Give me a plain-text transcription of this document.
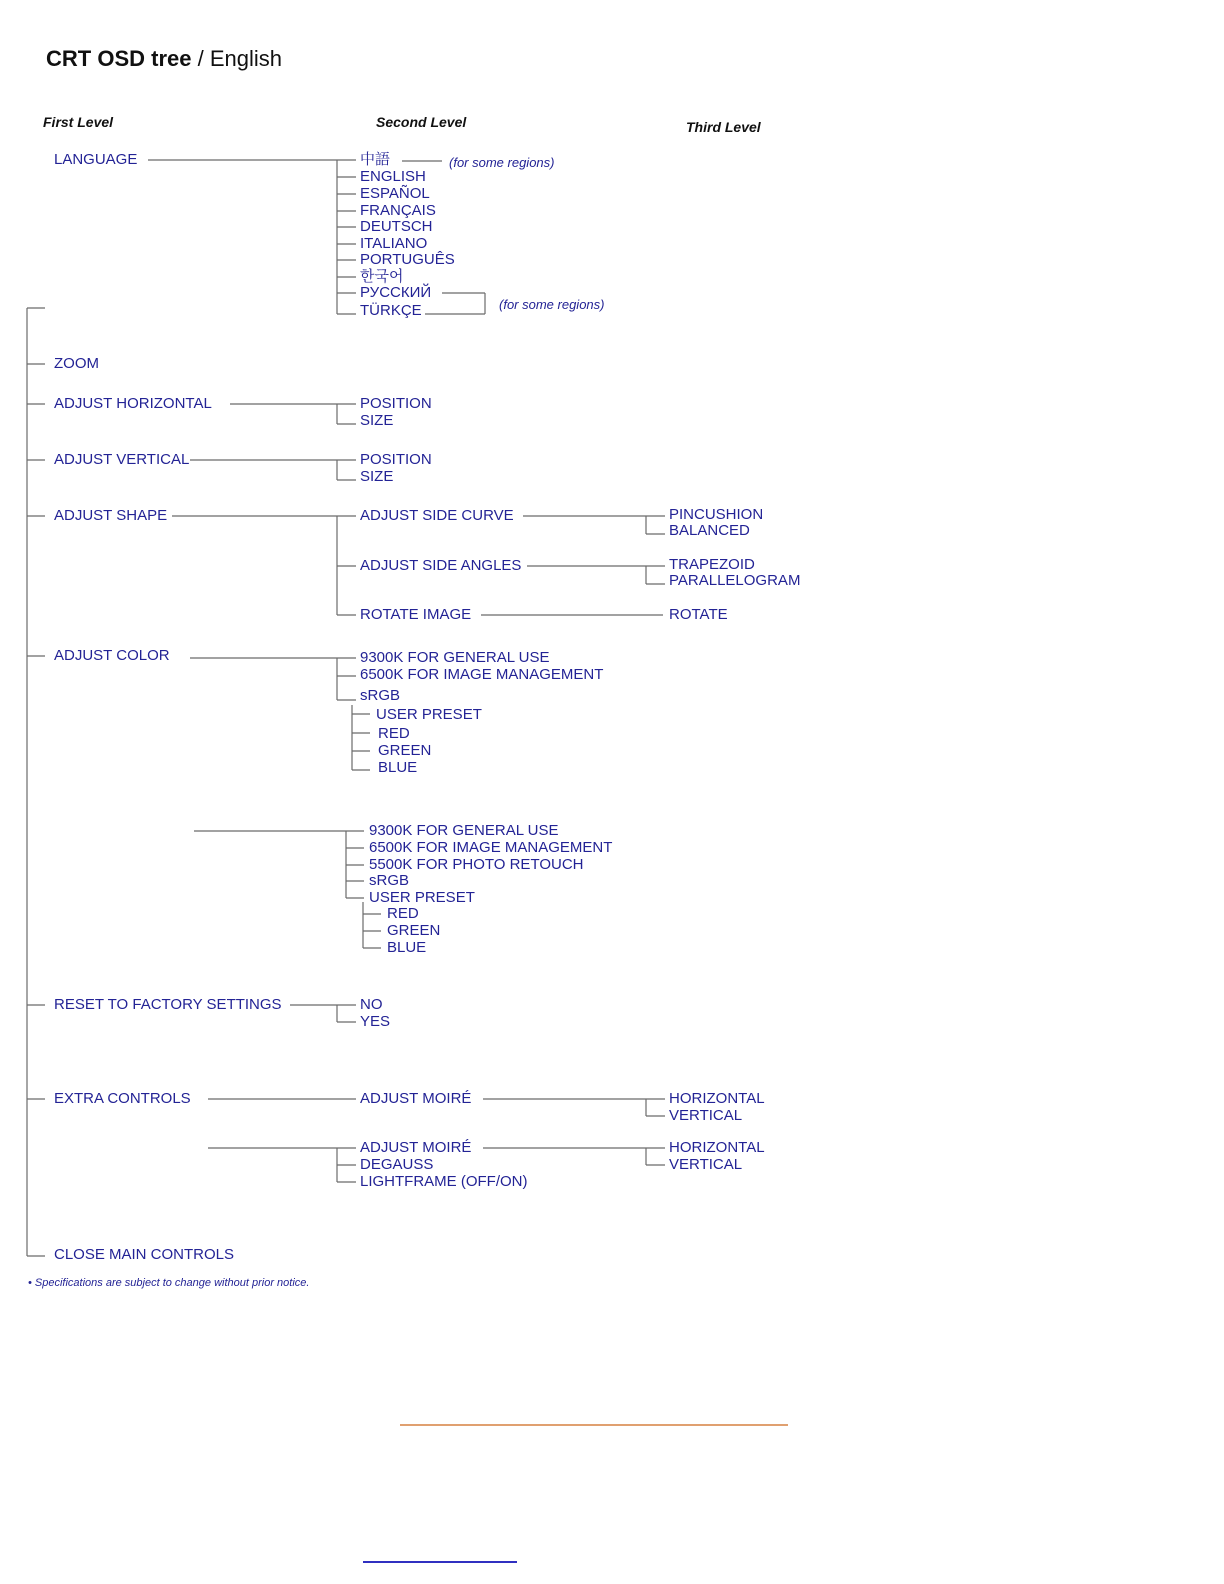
CRT OSD tree / English
First Level	Second Level	Third Level
LANGUAGE	中語	(for some regions)
ENGLISH
ESPAÑOL
FRANÇAIS
DEUTSCH
ITALIANO
PORTUGUÊS
한국어
РУССКИЙ
TÜRKÇE	(for some regions)
ZOOM
ADJUST HORIZONTAL	POSITION
SIZE
ADJUST VERTICAL	POSITION
SIZE
ADJUST SHAPE	ADJUST SIDE CURVE	PINCUSHION
BALANCED
ADJUST SIDE ANGLES	TRAPEZOID
PARALLELOGRAM
ROTATE IMAGE	ROTATE
ADJUST COLOR	9300K FOR GENERAL USE
6500K FOR IMAGE MANAGEMENT
sRGB
USER PRESET
RED
GREEN
BLUE
9300K FOR GENERAL USE
6500K FOR IMAGE MANAGEMENT
5500K FOR PHOTO RETOUCH
sRGB
USER PRESET
RED
GREEN
BLUE
RESET TO FACTORY SETTINGS	NO
YES
EXTRA CONTROLS	ADJUST MOIRÉ	HORIZONTAL
VERTICAL
ADJUST MOIRÉ	HORIZONTAL
VERTICAL
DEGAUSS
LIGHTFRAME (OFF/ON)
CLOSE MAIN CONTROLS
• Specifications are subject to change without prior notice.
